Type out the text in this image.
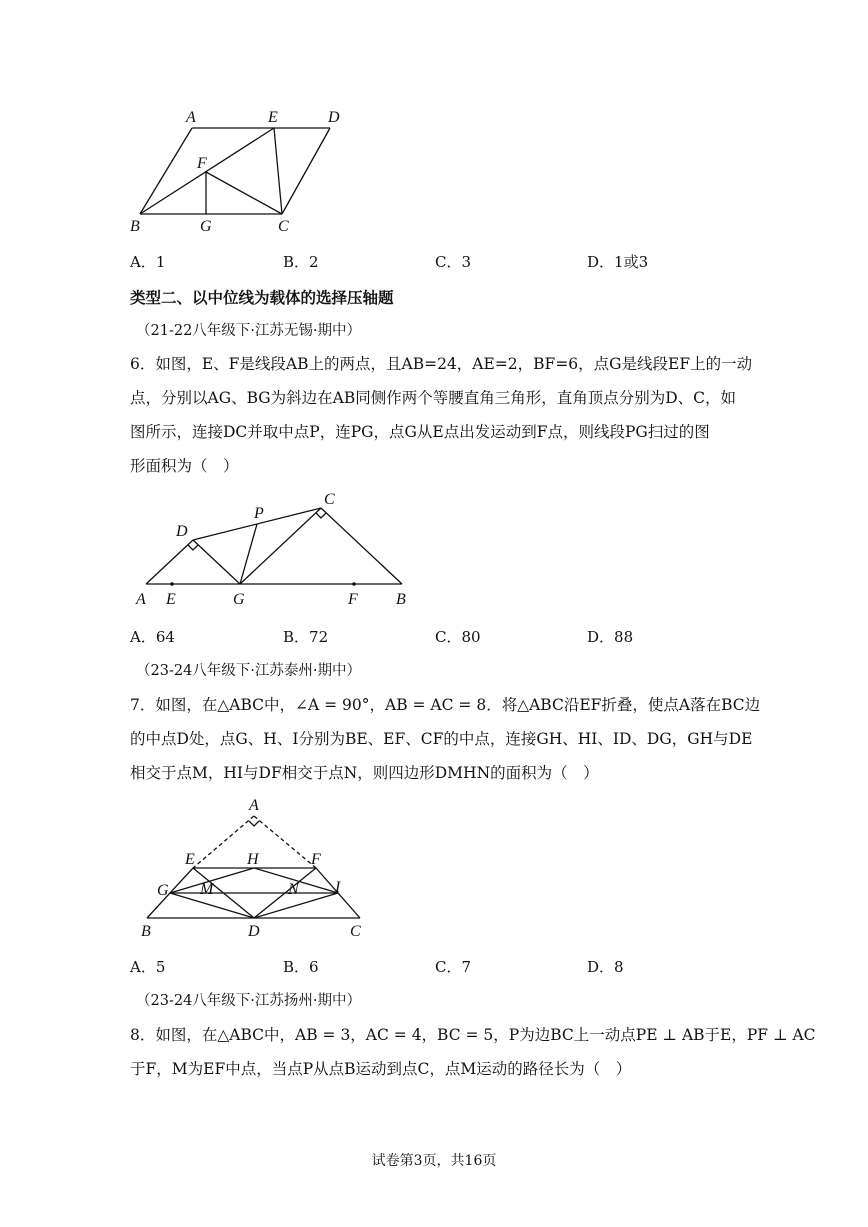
A	E	D
F
B	G	C
A．1	B．2	C．3	D．1或3
类型二、以中位线为载体的选择压轴题
（21-22八年级下·江苏无锡·期中）
6．如图，E、F是线段AB上的两点，且AB=24，AE=2，BF=6，点G是线段EF上的一动
点，分别以AG、BG为斜边在AB同侧作两个等腰直角三角形，直角顶点分别为D、C，如
图所示，连接DC并取中点P，连PG，点G从E点出发运动到F点，则线段PG扫过的图
形面积为（　）
C
D
P
A E	G	F B
A．64	B．72	C．80	D．88
（23-24八年级下·江苏泰州·期中）
7．如图，在△ABC中，∠A = 90°，AB = AC = 8．将△ABC沿EF折叠，使点A落在BC边
的中点D处，点G、H、I分别为BE、EF、CF的中点，连接GH、HI、ID、DG，GH与DE
相交于点M，HI与DF相交于点N，则四边形DMHN的面积为（　）
A
E	H	F
G M	N I
B	D	C
A．5	B．6	C．7	D．8
（23-24八年级下·江苏扬州·期中）
8．如图，在△ABC中，AB = 3，AC = 4，BC = 5，P为边BC上一动点PE ⊥ AB于E，PF ⊥ AC
于F，M为EF中点，当点P从点B运动到点C，点M运动的路径长为（　）
试卷第3页，共16页
